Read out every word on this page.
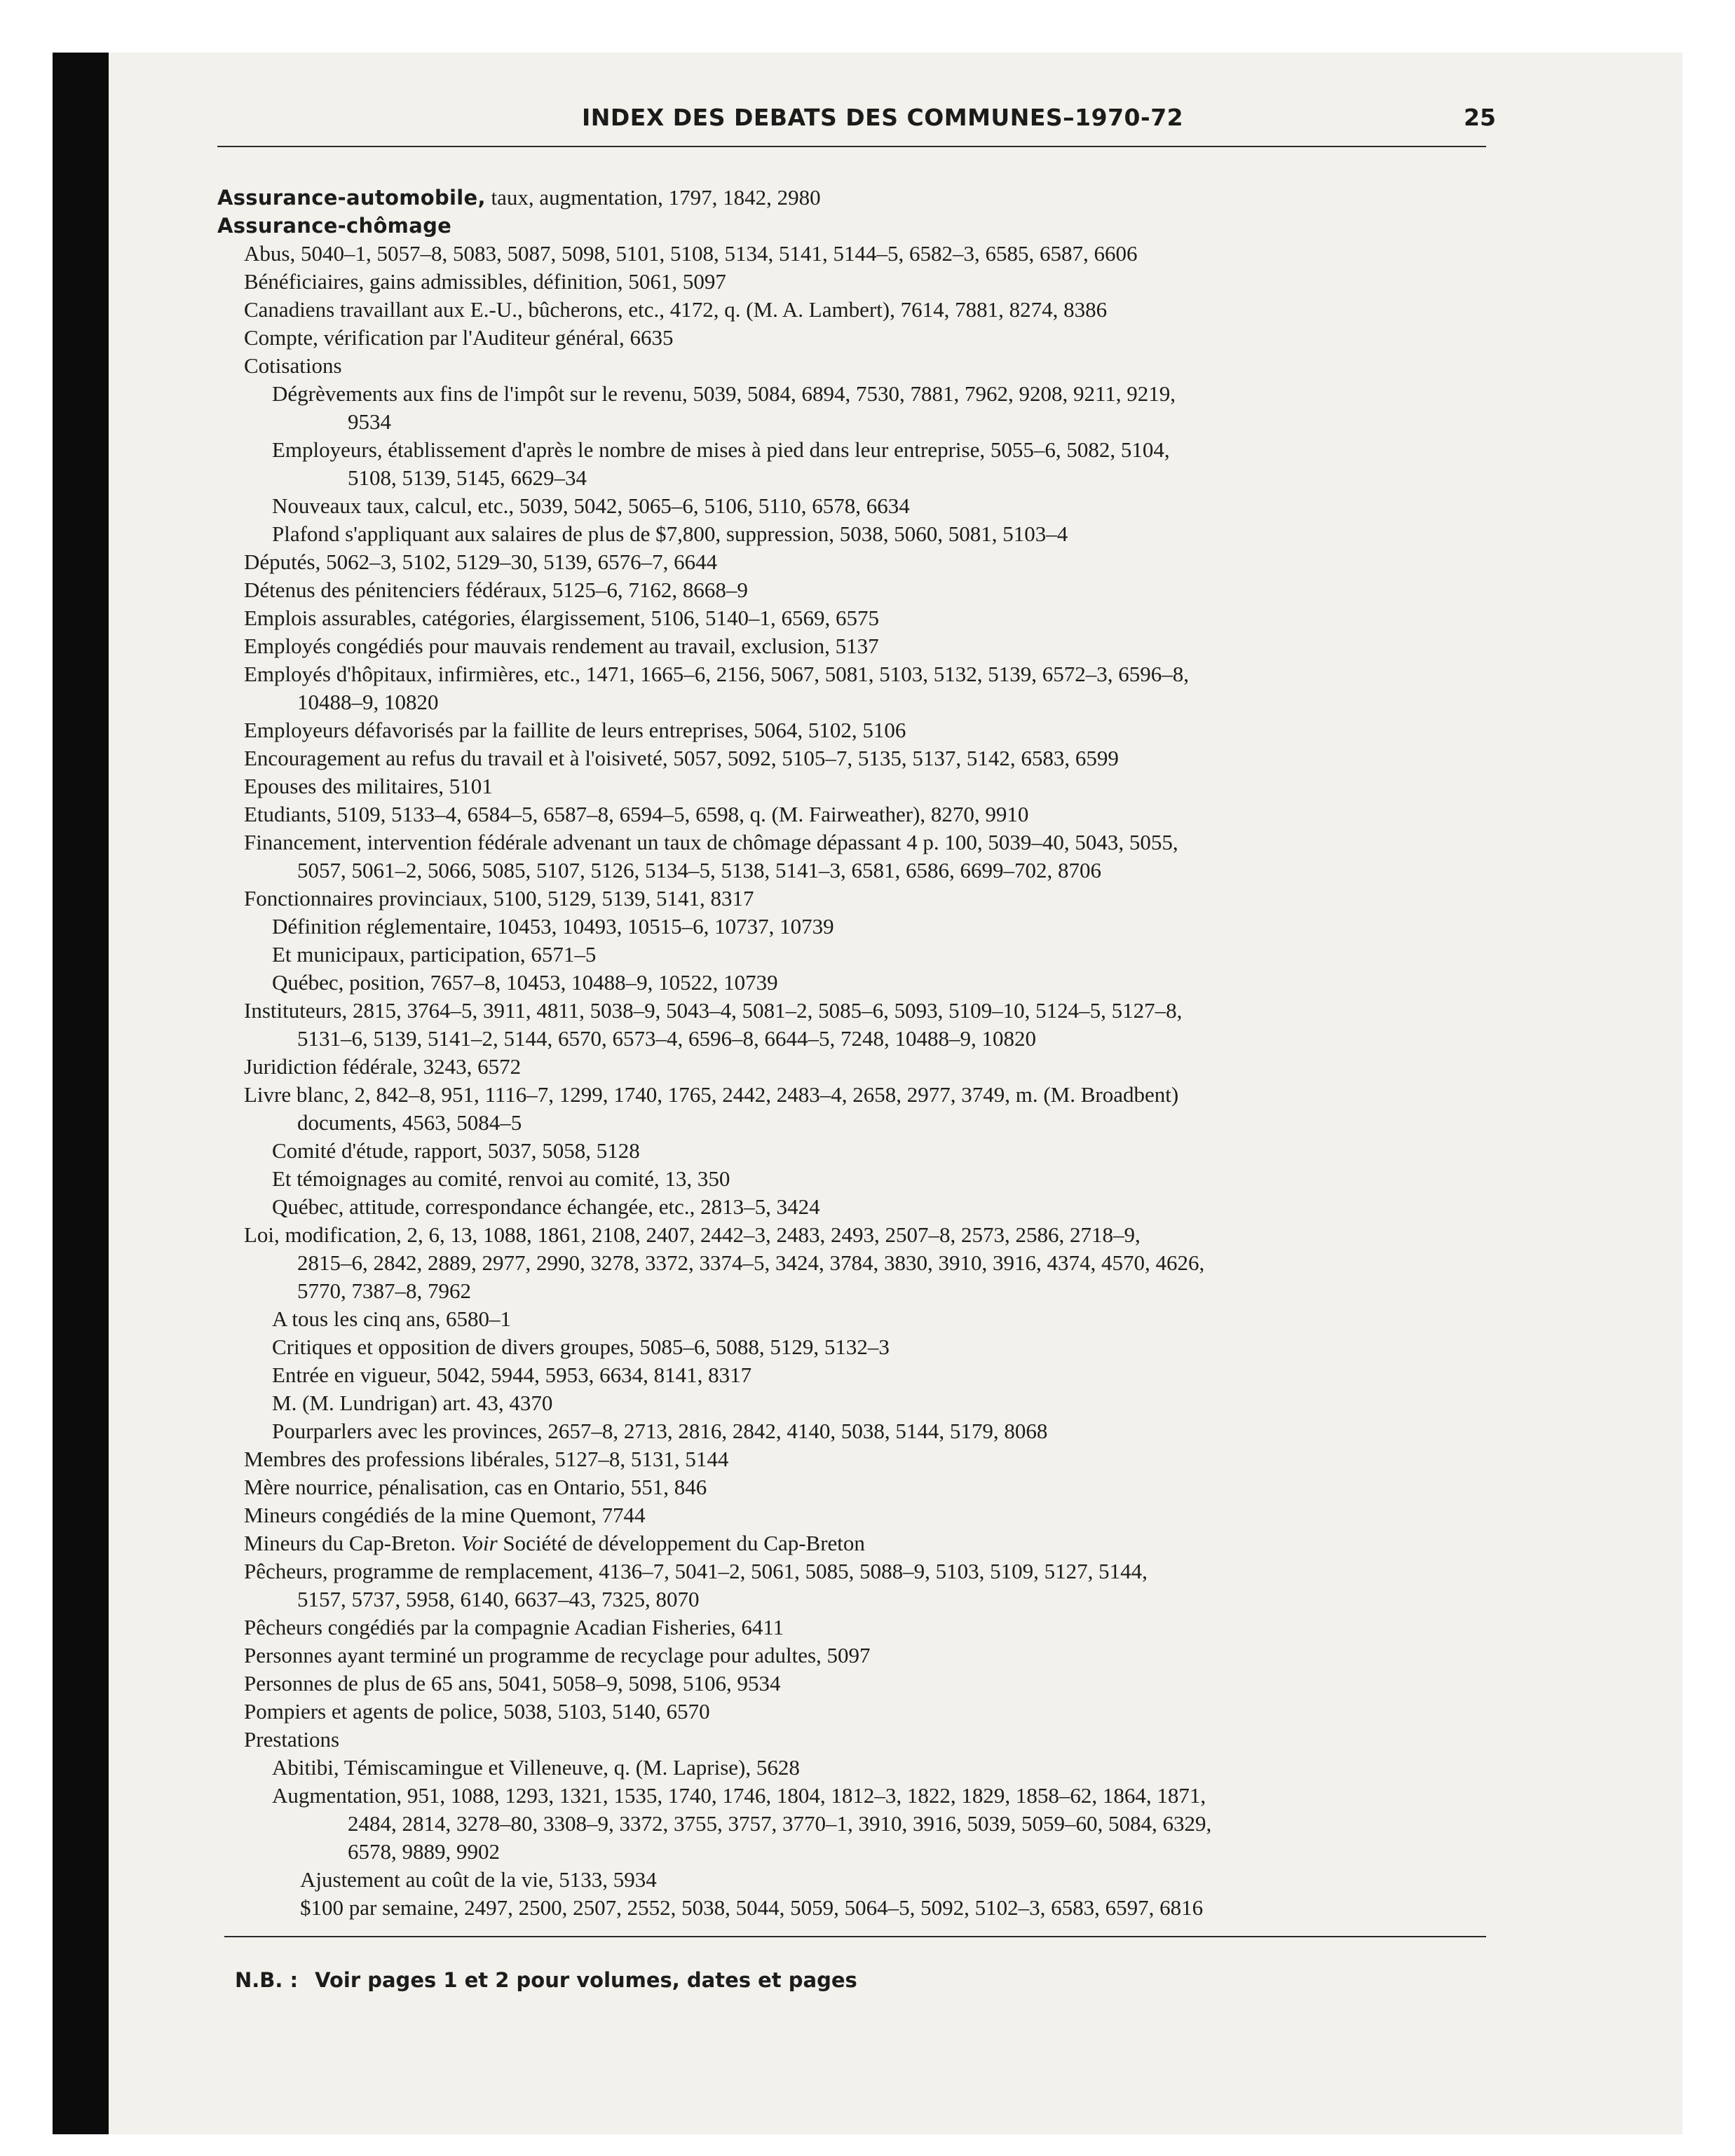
INDEX DES DEBATS DES COMMUNES–1970-72	25
Assurance-automobile, taux, augmentation, 1797, 1842, 2980
Assurance-chômage
Abus, 5040–1, 5057–8, 5083, 5087, 5098, 5101, 5108, 5134, 5141, 5144–5, 6582–3, 6585, 6587, 6606
Bénéficiaires, gains admissibles, définition, 5061, 5097
Canadiens travaillant aux E.-U., bûcherons, etc., 4172, q. (M. A. Lambert), 7614, 7881, 8274, 8386
Compte, vérification par l'Auditeur général, 6635
Cotisations
Dégrèvements aux fins de l'impôt sur le revenu, 5039, 5084, 6894, 7530, 7881, 7962, 9208, 9211, 9219,
9534
Employeurs, établissement d'après le nombre de mises à pied dans leur entreprise, 5055–6, 5082, 5104,
5108, 5139, 5145, 6629–34
Nouveaux taux, calcul, etc., 5039, 5042, 5065–6, 5106, 5110, 6578, 6634
Plafond s'appliquant aux salaires de plus de $7,800, suppression, 5038, 5060, 5081, 5103–4
Députés, 5062–3, 5102, 5129–30, 5139, 6576–7, 6644
Détenus des pénitenciers fédéraux, 5125–6, 7162, 8668–9
Emplois assurables, catégories, élargissement, 5106, 5140–1, 6569, 6575
Employés congédiés pour mauvais rendement au travail, exclusion, 5137
Employés d'hôpitaux, infirmières, etc., 1471, 1665–6, 2156, 5067, 5081, 5103, 5132, 5139, 6572–3, 6596–8,
10488–9, 10820
Employeurs défavorisés par la faillite de leurs entreprises, 5064, 5102, 5106
Encouragement au refus du travail et à l'oisiveté, 5057, 5092, 5105–7, 5135, 5137, 5142, 6583, 6599
Epouses des militaires, 5101
Etudiants, 5109, 5133–4, 6584–5, 6587–8, 6594–5, 6598, q. (M. Fairweather), 8270, 9910
Financement, intervention fédérale advenant un taux de chômage dépassant 4 p. 100, 5039–40, 5043, 5055,
5057, 5061–2, 5066, 5085, 5107, 5126, 5134–5, 5138, 5141–3, 6581, 6586, 6699–702, 8706
Fonctionnaires provinciaux, 5100, 5129, 5139, 5141, 8317
Définition réglementaire, 10453, 10493, 10515–6, 10737, 10739
Et municipaux, participation, 6571–5
Québec, position, 7657–8, 10453, 10488–9, 10522, 10739
Instituteurs, 2815, 3764–5, 3911, 4811, 5038–9, 5043–4, 5081–2, 5085–6, 5093, 5109–10, 5124–5, 5127–8,
5131–6, 5139, 5141–2, 5144, 6570, 6573–4, 6596–8, 6644–5, 7248, 10488–9, 10820
Juridiction fédérale, 3243, 6572
Livre blanc, 2, 842–8, 951, 1116–7, 1299, 1740, 1765, 2442, 2483–4, 2658, 2977, 3749, m. (M. Broadbent)
documents, 4563, 5084–5
Comité d'étude, rapport, 5037, 5058, 5128
Et témoignages au comité, renvoi au comité, 13, 350
Québec, attitude, correspondance échangée, etc., 2813–5, 3424
Loi, modification, 2, 6, 13, 1088, 1861, 2108, 2407, 2442–3, 2483, 2493, 2507–8, 2573, 2586, 2718–9,
2815–6, 2842, 2889, 2977, 2990, 3278, 3372, 3374–5, 3424, 3784, 3830, 3910, 3916, 4374, 4570, 4626,
5770, 7387–8, 7962
A tous les cinq ans, 6580–1
Critiques et opposition de divers groupes, 5085–6, 5088, 5129, 5132–3
Entrée en vigueur, 5042, 5944, 5953, 6634, 8141, 8317
M. (M. Lundrigan) art. 43, 4370
Pourparlers avec les provinces, 2657–8, 2713, 2816, 2842, 4140, 5038, 5144, 5179, 8068
Membres des professions libérales, 5127–8, 5131, 5144
Mère nourrice, pénalisation, cas en Ontario, 551, 846
Mineurs congédiés de la mine Quemont, 7744
Mineurs du Cap-Breton. Voir Société de développement du Cap-Breton
Pêcheurs, programme de remplacement, 4136–7, 5041–2, 5061, 5085, 5088–9, 5103, 5109, 5127, 5144,
5157, 5737, 5958, 6140, 6637–43, 7325, 8070
Pêcheurs congédiés par la compagnie Acadian Fisheries, 6411
Personnes ayant terminé un programme de recyclage pour adultes, 5097
Personnes de plus de 65 ans, 5041, 5058–9, 5098, 5106, 9534
Pompiers et agents de police, 5038, 5103, 5140, 6570
Prestations
Abitibi, Témiscamingue et Villeneuve, q. (M. Laprise), 5628
Augmentation, 951, 1088, 1293, 1321, 1535, 1740, 1746, 1804, 1812–3, 1822, 1829, 1858–62, 1864, 1871,
2484, 2814, 3278–80, 3308–9, 3372, 3755, 3757, 3770–1, 3910, 3916, 5039, 5059–60, 5084, 6329,
6578, 9889, 9902
Ajustement au coût de la vie, 5133, 5934
$100 par semaine, 2497, 2500, 2507, 2552, 5038, 5044, 5059, 5064–5, 5092, 5102–3, 6583, 6597, 6816
N.B. : Voir pages 1 et 2 pour volumes, dates et pages
